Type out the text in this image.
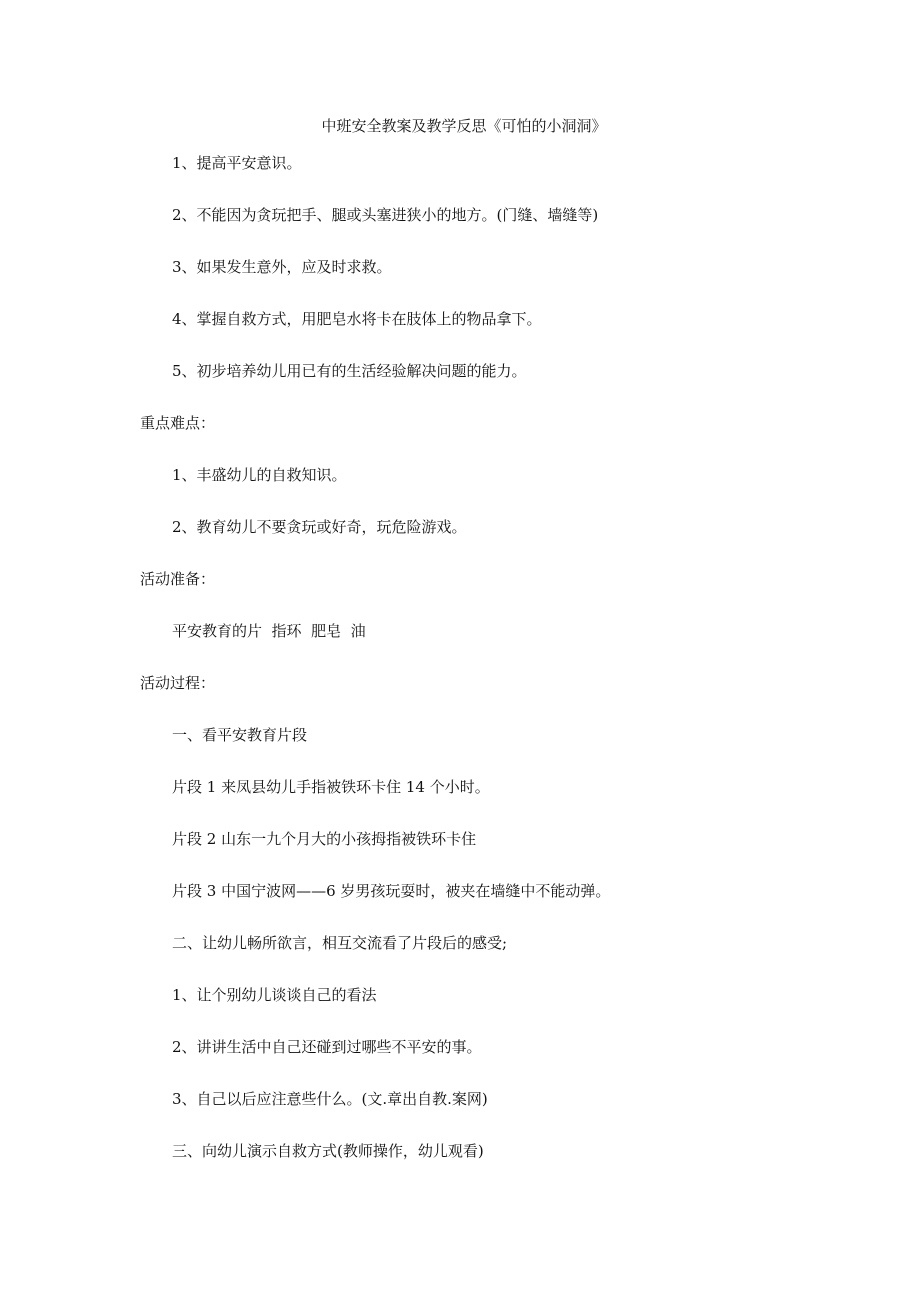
中班安全教案及教学反思《可怕的小洞洞》
1、提高平安意识。
2、不能因为贪玩把手、腿或头塞进狭小的地方。(门缝、墙缝等)
3、如果发生意外，应及时求救。
4、掌握自救方式，用肥皂水将卡在肢体上的物品拿下。
5、初步培养幼儿用已有的生活经验解决问题的能力。
重点难点：
1、丰盛幼儿的自救知识。
2、教育幼儿不要贪玩或好奇，玩危险游戏。
活动准备：
平安教育的片  指环  肥皂  油
活动过程：
一、看平安教育片段
片段 1 来凤县幼儿手指被铁环卡住 14 个小时。
片段 2 山东一九个月大的小孩拇指被铁环卡住
片段 3 中国宁波网——6 岁男孩玩耍时，被夹在墙缝中不能动弹。
二、让幼儿畅所欲言，相互交流看了片段后的感受;
1、让个别幼儿谈谈自己的看法
2、讲讲生活中自己还碰到过哪些不平安的事。
3、自己以后应注意些什么。(文.章出自教.案网)
三、向幼儿演示自救方式(教师操作，幼儿观看)
